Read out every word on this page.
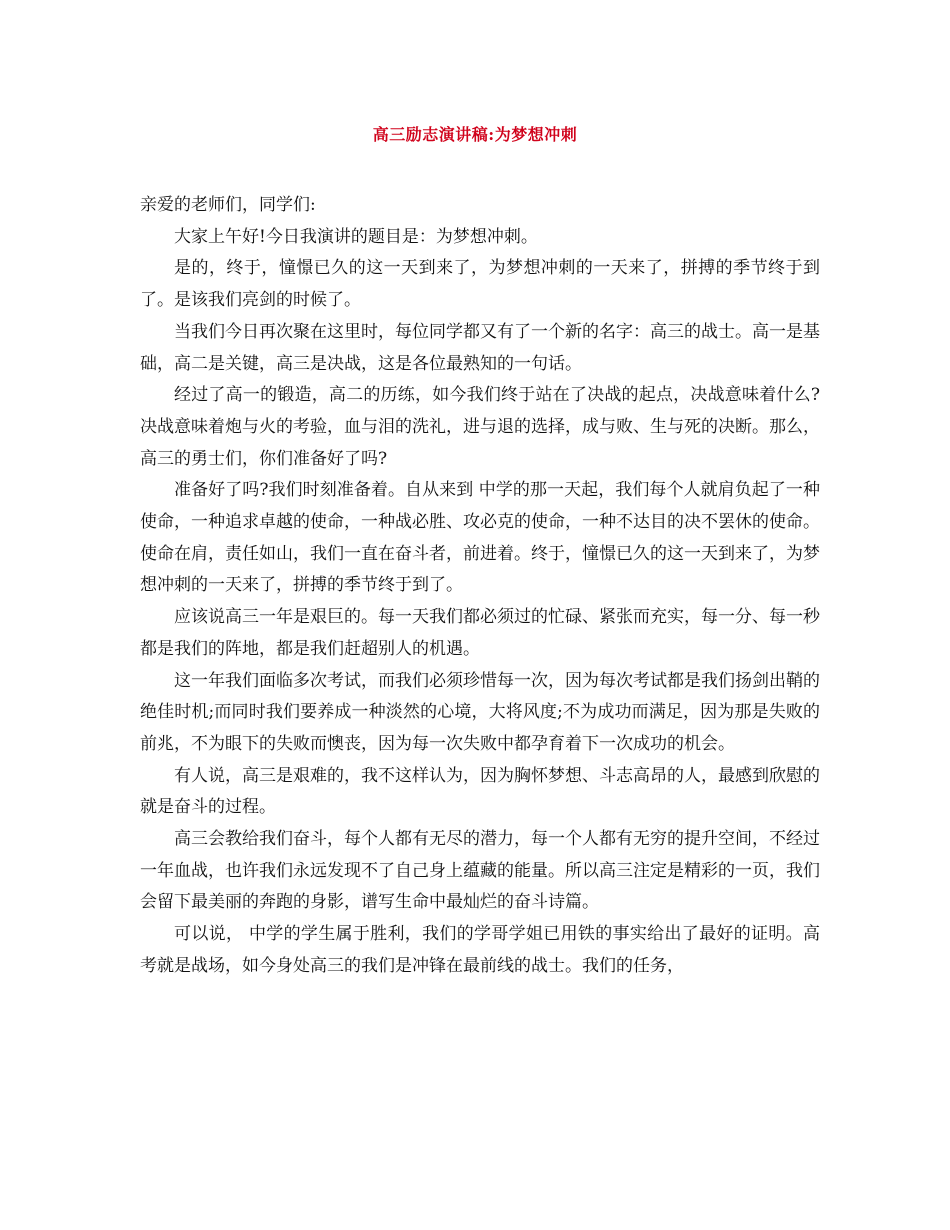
高三励志演讲稿:为梦想冲刺

亲爱的老师们，同学们:

大家上午好!今日我演讲的题目是：为梦想冲刺。

是的，终于，憧憬已久的这一天到来了，为梦想冲刺的一天来了，拼搏的季节终于到了。是该我们亮剑的时候了。

当我们今日再次聚在这里时，每位同学都又有了一个新的名字：高三的战士。高一是基础，高二是关键，高三是决战，这是各位最熟知的一句话。

经过了高一的锻造，高二的历练，如今我们终于站在了决战的起点，决战意味着什么?决战意味着炮与火的考验，血与泪的洗礼，进与退的选择，成与败、生与死的决断。那么，高三的勇士们，你们准备好了吗?

准备好了吗?我们时刻准备着。自从来到 中学的那一天起，我们每个人就肩负起了一种使命，一种追求卓越的使命，一种战必胜、攻必克的使命，一种不达目的决不罢休的使命。使命在肩，责任如山，我们一直在奋斗者，前进着。终于，憧憬已久的这一天到来了，为梦想冲刺的一天来了，拼搏的季节终于到了。

应该说高三一年是艰巨的。每一天我们都必须过的忙碌、紧张而充实，每一分、每一秒都是我们的阵地，都是我们赶超别人的机遇。

这一年我们面临多次考试，而我们必须珍惜每一次，因为每次考试都是我们扬剑出鞘的绝佳时机;而同时我们要养成一种淡然的心境，大将风度;不为成功而满足，因为那是失败的前兆，不为眼下的失败而懊丧，因为每一次失败中都孕育着下一次成功的机会。

有人说，高三是艰难的，我不这样认为，因为胸怀梦想、斗志高昂的人，最感到欣慰的就是奋斗的过程。

高三会教给我们奋斗，每个人都有无尽的潜力，每一个人都有无穷的提升空间，不经过一年血战，也许我们永远发现不了自己身上蕴藏的能量。所以高三注定是精彩的一页，我们会留下最美丽的奔跑的身影，谱写生命中最灿烂的奋斗诗篇。

可以说， 中学的学生属于胜利，我们的学哥学姐已用铁的事实给出了最好的证明。高考就是战场，如今身处高三的我们是冲锋在最前线的战士。我们的任务，
